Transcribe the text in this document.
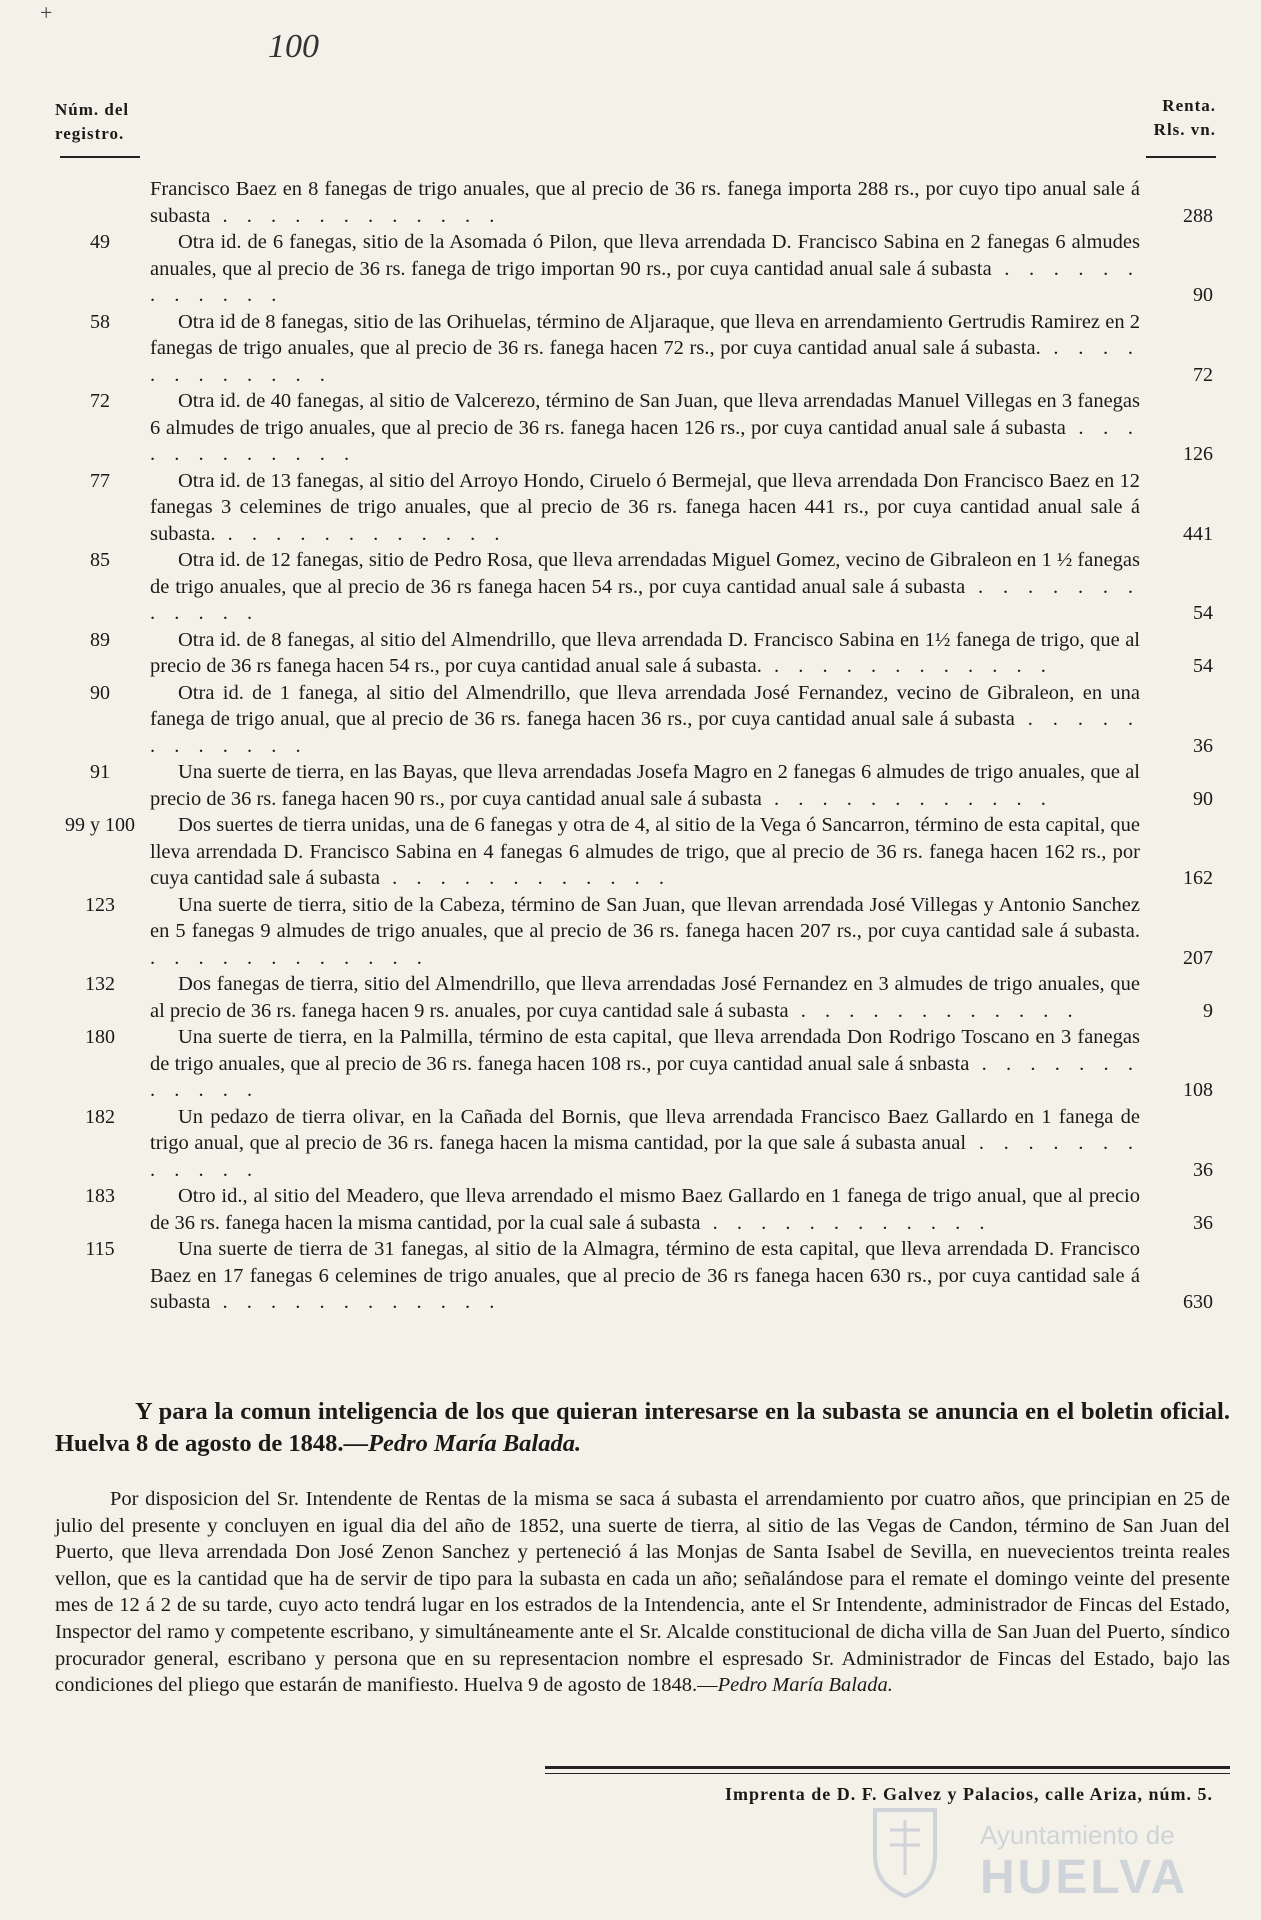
+
100
Núm. del
registro.
Renta.
Rls. vn.
Francisco Baez en 8 fanegas de trigo anuales, que al precio de 36 rs. fanega importa 288 rs., por cuyo tipo anual sale á subasta . . . . . . . . . . . .	288
49	Otra id. de 6 fanegas, sitio de la Asomada ó Pilon, que lleva arrendada D. Francisco Sabina en 2 fanegas 6 almudes anuales, que al precio de 36 rs. fanega de trigo importan 90 rs., por cuya cantidad anual sale á subasta . . . . . . . . . . . .	90
58	Otra id de 8 fanegas, sitio de las Orihuelas, término de Aljaraque, que lleva en arrendamiento Gertrudis Ramirez en 2 fanegas de trigo anuales, que al precio de 36 rs. fanega hacen 72 rs., por cuya cantidad anual sale á subasta. . . . . . . . . . . . .	72
72	Otra id. de 40 fanegas, al sitio de Valcerezo, término de San Juan, que lleva arrendadas Manuel Villegas en 3 fanegas 6 almudes de trigo anuales, que al precio de 36 rs. fanega hacen 126 rs., por cuya cantidad anual sale á subasta . . . . . . . . . . . .	126
77	Otra id. de 13 fanegas, al sitio del Arroyo Hondo, Ciruelo ó Bermejal, que lleva arrendada Don Francisco Baez en 12 fanegas 3 celemines de trigo anuales, que al precio de 36 rs. fanega hacen 441 rs., por cuya cantidad anual sale á subasta. . . . . . . . . . . . .	441
85	Otra id. de 12 fanegas, sitio de Pedro Rosa, que lleva arrendadas Miguel Gomez, vecino de Gibraleon en 1 ½ fanegas de trigo anuales, que al precio de 36 rs fanega hacen 54 rs., por cuya cantidad anual sale á subasta . . . . . . . . . . . .	54
89	Otra id. de 8 fanegas, al sitio del Almendrillo, que lleva arrendada D. Francisco Sabina en 1½ fanega de trigo, que al precio de 36 rs fanega hacen 54 rs., por cuya cantidad anual sale á subasta. . . . . . . . . . . . .	54
90	Otra id. de 1 fanega, al sitio del Almendrillo, que lleva arrendada José Fernandez, vecino de Gibraleon, en una fanega de trigo anual, que al precio de 36 rs. fanega hacen 36 rs., por cuya cantidad anual sale á subasta . . . . . . . . . . . .	36
91	Una suerte de tierra, en las Bayas, que lleva arrendadas Josefa Magro en 2 fanegas 6 almudes de trigo anuales, que al precio de 36 rs. fanega hacen 90 rs., por cuya cantidad anual sale á subasta . . . . . . . . . . . .	90
99 y 100	Dos suertes de tierra unidas, una de 6 fanegas y otra de 4, al sitio de la Vega ó Sancarron, término de esta capital, que lleva arrendada D. Francisco Sabina en 4 fanegas 6 almudes de trigo, que al precio de 36 rs. fanega hacen 162 rs., por cuya cantidad sale á subasta . . . . . . . . . . . .	162
123	Una suerte de tierra, sitio de la Cabeza, término de San Juan, que llevan arrendada José Villegas y Antonio Sanchez en 5 fanegas 9 almudes de trigo anuales, que al precio de 36 rs. fanega hacen 207 rs., por cuya cantidad sale á subasta. . . . . . . . . . . . .	207
132	Dos fanegas de tierra, sitio del Almendrillo, que lleva arrendadas José Fernandez en 3 almudes de trigo anuales, que al precio de 36 rs. fanega hacen 9 rs. anuales, por cuya cantidad sale á subasta . . . . . . . . . . . .	9
180	Una suerte de tierra, en la Palmilla, término de esta capital, que lleva arrendada Don Rodrigo Toscano en 3 fanegas de trigo anuales, que al precio de 36 rs. fanega hacen 108 rs., por cuya cantidad anual sale á snbasta . . . . . . . . . . . .	108
182	Un pedazo de tierra olivar, en la Cañada del Bornis, que lleva arrendada Francisco Baez Gallardo en 1 fanega de trigo anual, que al precio de 36 rs. fanega hacen la misma cantidad, por la que sale á subasta anual . . . . . . . . . . . .	36
183	Otro id., al sitio del Meadero, que lleva arrendado el mismo Baez Gallardo en 1 fanega de trigo anual, que al precio de 36 rs. fanega hacen la misma cantidad, por la cual sale á subasta . . . . . . . . . . . .	36
115	Una suerte de tierra de 31 fanegas, al sitio de la Almagra, término de esta capital, que lleva arrendada D. Francisco Baez en 17 fanegas 6 celemines de trigo anuales, que al precio de 36 rs fanega hacen 630 rs., por cuya cantidad sale á subasta . . . . . . . . . . . .	630
Y para la comun inteligencia de los que quieran interesarse en la subasta se anuncia en el boletin oficial. Huelva 8 de agosto de 1848.—Pedro María Balada.
Por disposicion del Sr. Intendente de Rentas de la misma se saca á subasta el arrendamiento por cuatro años, que principian en 25 de julio del presente y concluyen en igual dia del año de 1852, una suerte de tierra, al sitio de las Vegas de Candon, término de San Juan del Puerto, que lleva arrendada Don José Zenon Sanchez y perteneció á las Monjas de Santa Isabel de Sevilla, en nuevecientos treinta reales vellon, que es la cantidad que ha de servir de tipo para la subasta en cada un año; señalándose para el remate el domingo veinte del presente mes de 12 á 2 de su tarde, cuyo acto tendrá lugar en los estrados de la Intendencia, ante el Sr Intendente, administrador de Fincas del Estado, Inspector del ramo y competente escribano, y simultáneamente ante el Sr. Alcalde constitucional de dicha villa de San Juan del Puerto, síndico procurador general, escribano y persona que en su representacion nombre el espresado Sr. Administrador de Fincas del Estado, bajo las condiciones del pliego que estarán de manifiesto. Huelva 9 de agosto de 1848.—Pedro María Balada.
Imprenta de D. F. Galvez y Palacios, calle Ariza, núm. 5.
Ayuntamiento de
HUELVA
